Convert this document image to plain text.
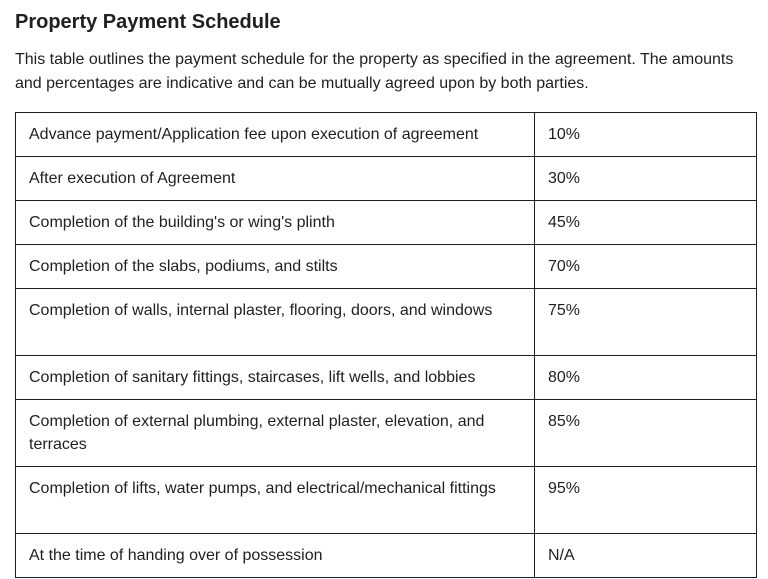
Property Payment Schedule

This table outlines the payment schedule for the property as specified in the agreement. The amounts and percentages are indicative and can be mutually agreed upon by both parties.

Advance payment/Application fee upon execution of agreement	10%
After execution of Agreement	30%
Completion of the building's or wing's plinth	45%
Completion of the slabs, podiums, and stilts	70%
Completion of walls, internal plaster, flooring, doors, and windows	75%
Completion of sanitary fittings, staircases, lift wells, and lobbies	80%
Completion of external plumbing, external plaster, elevation, and terraces	85%
Completion of lifts, water pumps, and electrical/mechanical fittings	95%
At the time of handing over of possession	N/A
